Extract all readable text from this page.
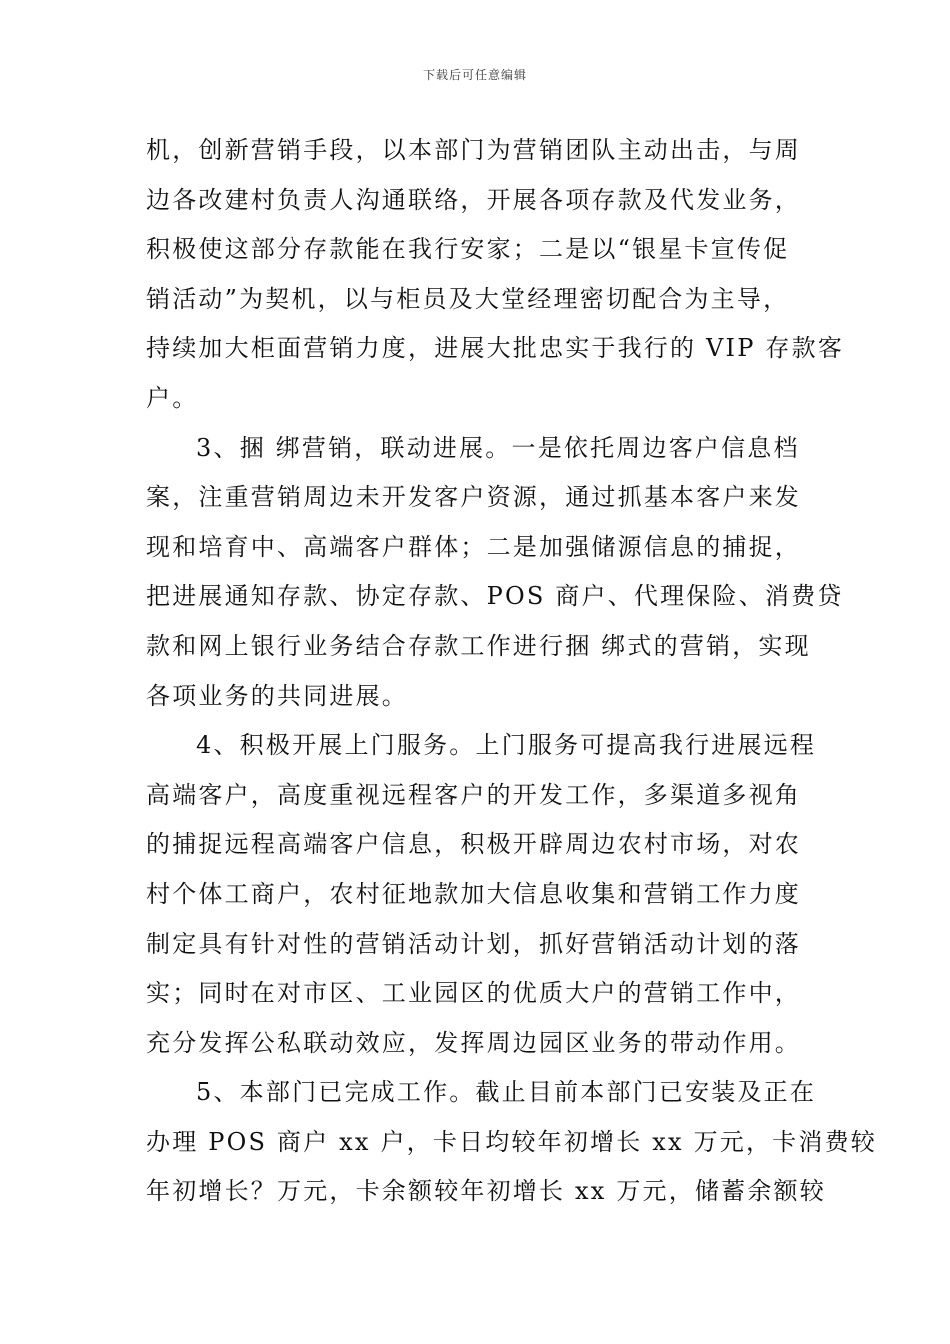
下载后可任意编辑
机，创新营销手段，以本部门为营销团队主动出击，与周
边各改建村负责人沟通联络，开展各项存款及代发业务，
积极使这部分存款能在我行安家；二是以“银星卡宣传促
销活动”为契机，以与柜员及大堂经理密切配合为主导，
持续加大柜面营销力度，进展大批忠实于我行的 VIP 存款客
户。
3、捆 绑营销，联动进展。一是依托周边客户信息档
案，注重营销周边未开发客户资源，通过抓基本客户来发
现和培育中、高端客户群体；二是加强储源信息的捕捉，
把进展通知存款、协定存款、POS 商户、代理保险、消费贷
款和网上银行业务结合存款工作进行捆 绑式的营销，实现
各项业务的共同进展。
4、积极开展上门服务。上门服务可提高我行进展远程
高端客户，高度重视远程客户的开发工作，多渠道多视角
的捕捉远程高端客户信息，积极开辟周边农村市场，对农
村个体工商户，农村征地款加大信息收集和营销工作力度
制定具有针对性的营销活动计划，抓好营销活动计划的落
实；同时在对市区、工业园区的优质大户的营销工作中，
充分发挥公私联动效应，发挥周边园区业务的带动作用。
5、本部门已完成工作。截止目前本部门已安装及正在
办理 POS 商户 xx 户，卡日均较年初增长 xx 万元，卡消费较
年初增长？万元，卡余额较年初增长 xx 万元，储蓄余额较
